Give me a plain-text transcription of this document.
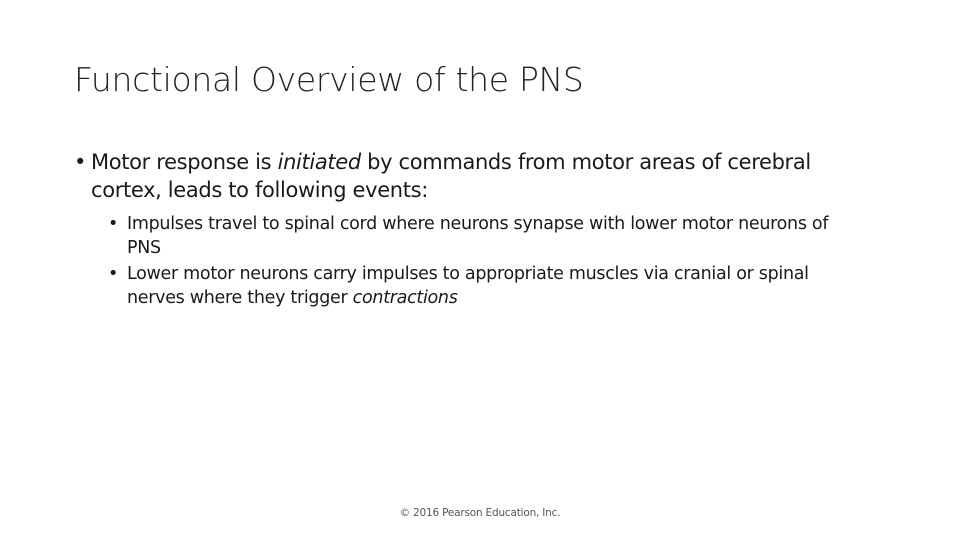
Functional Overview of the PNS
• Motor response is initiated by commands from motor areas of cerebral cortex, leads to following events:
• Impulses travel to spinal cord where neurons synapse with lower motor neurons of PNS
• Lower motor neurons carry impulses to appropriate muscles via cranial or spinal nerves where they trigger contractions
© 2016 Pearson Education, Inc.
